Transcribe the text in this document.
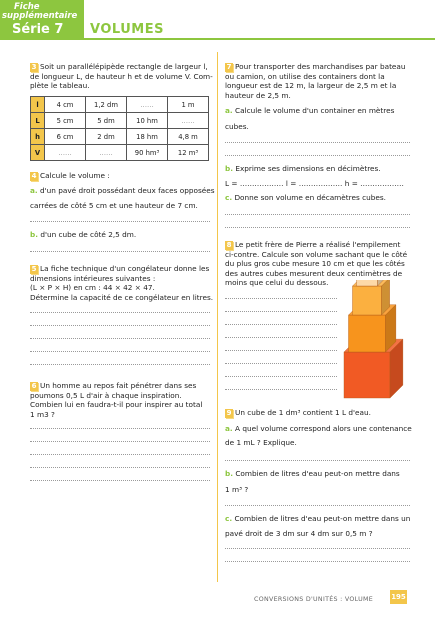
Fiche
supplémentaire
Série 7 VOLUMES
3 Soit un parallélépipède rectangle de largeur l,
de longueur L, de hauteur h et de volume V. Com-
plète le tableau.
l	4 cm	1,2 dm	……	1 m
L	5 cm	5 dm	10 hm	……
h	6 cm	2 dm	18 hm	4,8 m
V	……	……	90 hm³	12 m³
4 Calcule le volume :
a. d'un pavé droit possédant deux faces opposées
carrées de côté 5 cm et une hauteur de 7 cm.
b. d'un cube de côté 2,5 dm.
5 La fiche technique d'un congélateur donne les
dimensions intérieures suivantes :
(L × P × H) en cm : 44 × 42 × 47.
Détermine la capacité de ce congélateur en litres.
6 Un homme au repos fait pénétrer dans ses
poumons 0,5 L d'air à chaque inspiration.
Combien lui en faudra-t-il pour inspirer au total
1 m3 ?
7 Pour transporter des marchandises par bateau
ou camion, on utilise des containers dont la
longueur est de 12 m, la largeur de 2,5 m et la
hauteur de 2,5 m.
a. Calcule le volume d'un container en mètres
cubes.
b. Exprime ses dimensions en décimètres.
L = ……………… l = ……………… h = ………………
c. Donne son volume en décamètres cubes.
8 Le petit frère de Pierre a réalisé l'empilement
ci-contre. Calcule son volume sachant que le côté
du plus gros cube mesure 10 cm et que les côtés
des autres cubes mesurent deux centimètres de
moins que celui du dessous.
9 Un cube de 1 dm³ contient 1 L d'eau.
a. A quel volume correspond alors une contenance
de 1 mL ? Explique.
b. Combien de litres d'eau peut-on mettre dans
1 m³ ?
c. Combien de litres d'eau peut-on mettre dans un
pavé droit de 3 dm sur 4 dm sur 0,5 m ?
CONVERSIONS D'UNITÉS : VOLUME	195
